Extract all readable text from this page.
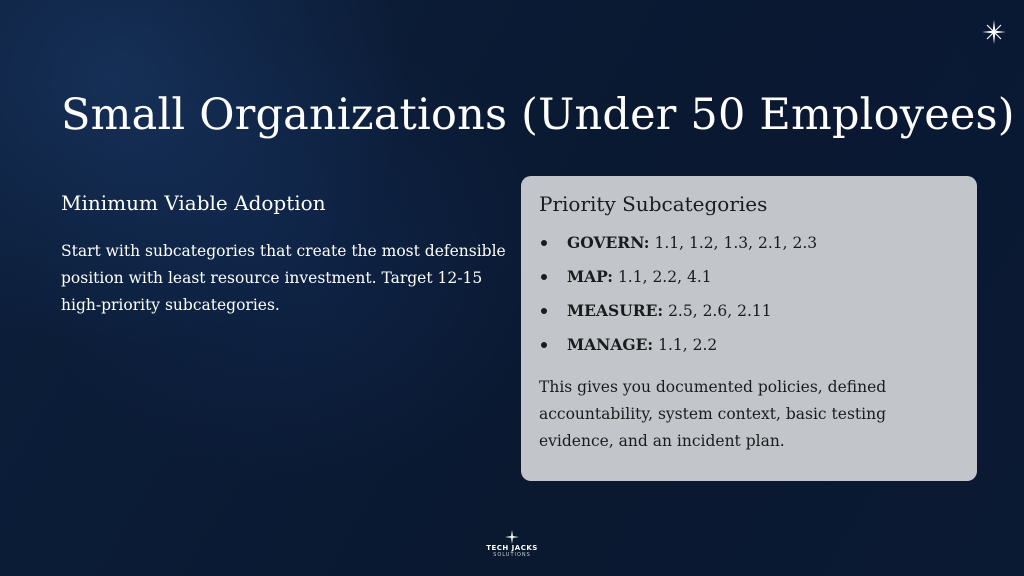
Small Organizations (Under 50 Employees)
Minimum Viable Adoption

Start with subcategories that create the most defensible position with least resource investment. Target 12-15 high-priority subcategories.

Priority Subcategories
GOVERN: 1.1, 1.2, 1.3, 2.1, 2.3
MAP: 1.1, 2.2, 4.1
MEASURE: 2.5, 2.6, 2.11
MANAGE: 1.1, 2.2

This gives you documented policies, defined accountability, system context, basic testing evidence, and an incident plan.

TECH JACKS
SOLUTIONS
